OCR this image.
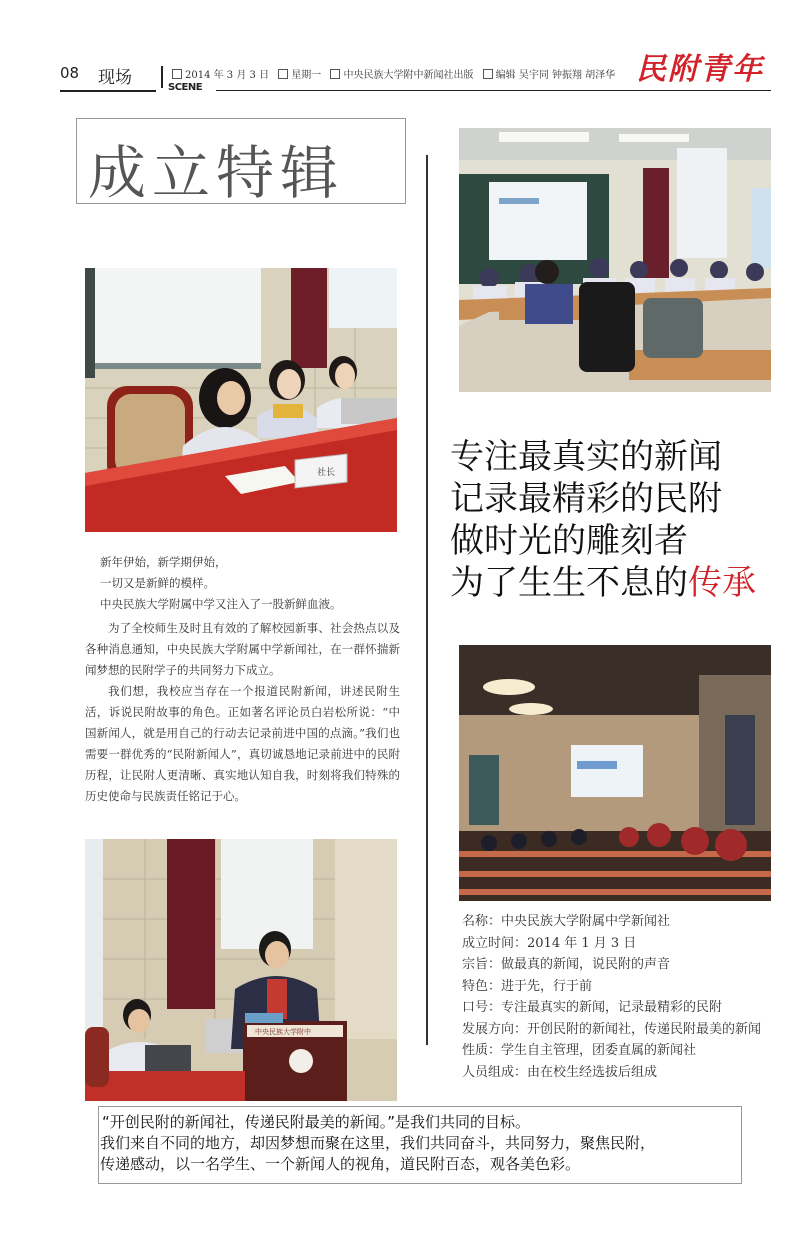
08 现场	SCENE
2014 年 3 月 3 日 星期一 中央民族大学附中新闻社出版 编辑 吴宇同 钟振翔 胡泽华 民附青年
成立特辑
社长
中央民族大学附中
专注最真实的新闻
记录最精彩的民附
做时光的雕刻者
为了生生不息的传承
新年伊始，新学期伊始，
一切又是新鲜的模样。
中央民族大学附属中学又注入了一股新鲜血液。
为了全校师生及时且有效的了解校园新事、社会热点以及各种消息通知，中央民族大学附属中学新闻社，在一群怀揣新闻梦想的民附学子的共同努力下成立。
我们想，我校应当存在一个报道民附新闻，讲述民附生活，诉说民附故事的角色。正如著名评论员白岩松所说：“中国新闻人，就是用自己的行动去记录前进中国的点滴。”我们也需要一群优秀的“民附新闻人”，真切诚恳地记录前进中的民附历程，让民附人更清晰、真实地认知自我，时刻将我们特殊的历史使命与民族责任铭记于心。

名称：中央民族大学附属中学新闻社

成立时间：2014 年 1 月 3 日

宗旨：做最真的新闻，说民附的声音

特色：进于先，行于前

口号：专注最真实的新闻，记录最精彩的民附

发展方向：开创民附的新闻社，传递民附最美的新闻

性质：学生自主管理，团委直属的新闻社

人员组成：由在校生经选拔后组成

“开创民附的新闻社，传递民附最美的新闻。”是我们共同的目标。
我们来自不同的地方，却因梦想而聚在这里，我们共同奋斗，共同努力，聚焦民附，
传递感动，以一名学生、一个新闻人的视角，道民附百态，观各美色彩。
